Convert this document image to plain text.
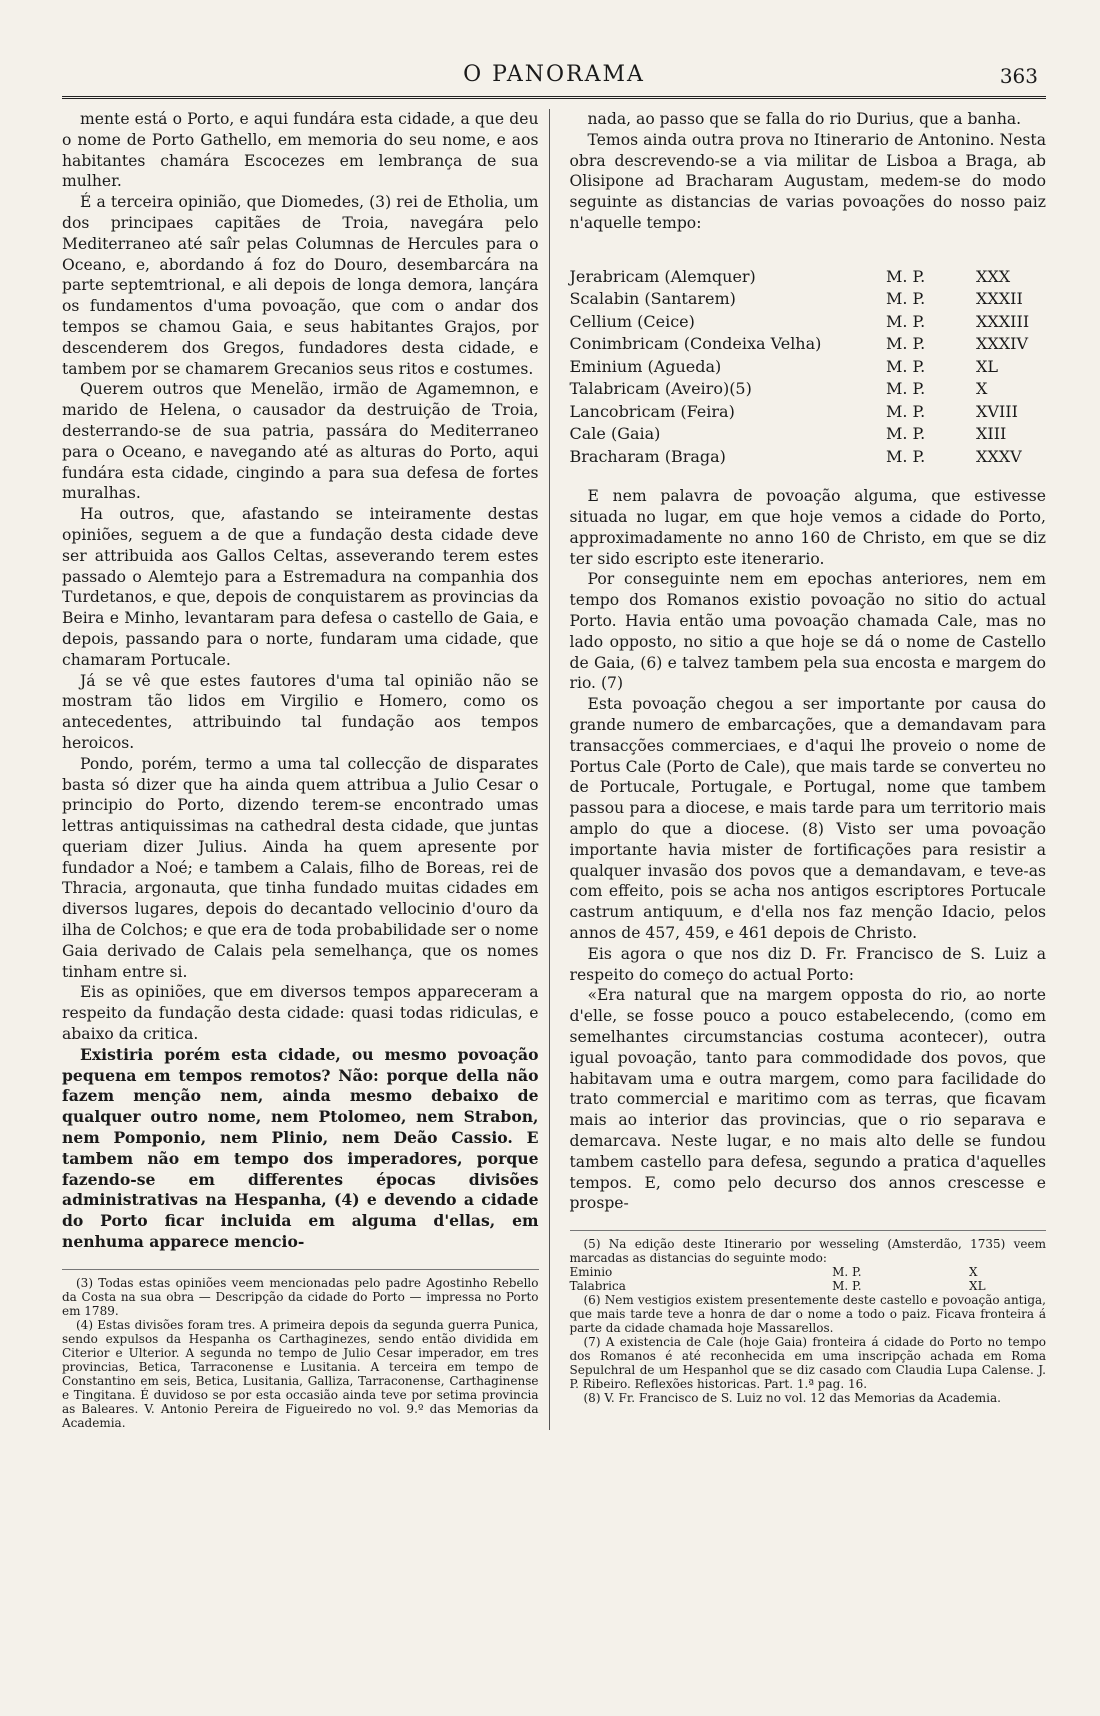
O PANORAMA	363

mente está o Porto, e aqui fundára esta cidade, a que deu o nome de Porto Gathello, em memoria do seu nome, e aos habitantes chamára Escocezes em lembrança de sua mulher.

É a terceira opinião, que Diomedes, (3) rei de Etholia, um dos principaes capitães de Troia, navegára pelo Mediterraneo até saîr pelas Columnas de Hercules para o Oceano, e, abordando á foz do Douro, desembarcára na parte septemtrional, e ali depois de longa demora, lançára os fundamentos d'uma povoação, que com o andar dos tempos se chamou Gaia, e seus habitantes Grajos, por descenderem dos Gregos, fundadores desta cidade, e tambem por se chamarem Grecanios seus ritos e costumes.

Querem outros que Menelão, irmão de Agamemnon, e marido de Helena, o causador da destruição de Troia, desterrando-se de sua patria, passára do Mediterraneo para o Oceano, e navegando até as alturas do Porto, aqui fundára esta cidade, cingindo a para sua defesa de fortes muralhas.

Ha outros, que, afastando se inteiramente destas opiniões, seguem a de que a fundação desta cidade deve ser attribuida aos Gallos Celtas, asseverando terem estes passado o Alemtejo para a Estremadura na companhia dos Turdetanos, e que, depois de conquistarem as provincias da Beira e Minho, levantaram para defesa o castello de Gaia, e depois, passando para o norte, fundaram uma cidade, que chamaram Portucale.

Já se vê que estes fautores d'uma tal opinião não se mostram tão lidos em Virgilio e Homero, como os antecedentes, attribuindo tal fundação aos tempos heroicos.

Pondo, porém, termo a uma tal collecção de disparates basta só dizer que ha ainda quem attribua a Julio Cesar o principio do Porto, dizendo terem-se encontrado umas lettras antiquissimas na cathedral desta cidade, que juntas queriam dizer Julius. Ainda ha quem apresente por fundador a Noé; e tambem a Calais, filho de Boreas, rei de Thracia, argonauta, que tinha fundado muitas cidades em diversos lugares, depois do decantado vellocinio d'ouro da ilha de Colchos; e que era de toda probabilidade ser o nome Gaia derivado de Calais pela semelhança, que os nomes tinham entre si.

Eis as opiniões, que em diversos tempos appareceram a respeito da fundação desta cidade: quasi todas ridiculas, e abaixo da critica.

Existiria porém esta cidade, ou mesmo povoação pequena em tempos remotos? Não: porque della não fazem menção nem, ainda mesmo debaixo de qualquer outro nome, nem Ptolomeo, nem Strabon, nem Pomponio, nem Plinio, nem Deão Cassio. E tambem não em tempo dos imperadores, porque fazendo-se em differentes épocas divisões administrativas na Hespanha, (4) e devendo a cidade do Porto ficar incluida em alguma d'ellas, em nenhuma apparece mencio-

(3) Todas estas opiniões veem mencionadas pelo padre Agostinho Rebello da Costa na sua obra — Descripção da cidade do Porto — impressa no Porto em 1789.

(4) Estas divisões foram tres. A primeira depois da segunda guerra Punica, sendo expulsos da Hespanha os Carthaginezes, sendo então dividida em Citerior e Ulterior. A segunda no tempo de Julio Cesar imperador, em tres provincias, Betica, Tarraconense e Lusitania. A terceira em tempo de Constantino em seis, Betica, Lusitania, Galliza, Tarraconense, Carthaginense e Tingitana. É duvidoso se por esta occasião ainda teve por setima provincia as Baleares. V. Antonio Pereira de Figueiredo no vol. 9.º das Memorias da Academia.

nada, ao passo que se falla do rio Durius, que a banha.

Temos ainda outra prova no Itinerario de Antonino. Nesta obra descrevendo-se a via militar de Lisboa a Braga, ab Olisipone ad Bracharam Augustam, medem-se do modo seguinte as distancias de varias povoações do nosso paiz n'aquelle tempo:

Jerabricam (Alemquer)	M. P.	XXX
Scalabin (Santarem)	M. P.	XXXII
Cellium (Ceice)	M. P.	XXXIII
Conimbricam (Condeixa Velha)	M. P.	XXXIV
Eminium (Agueda)	M. P.	XL
Talabricam (Aveiro)(5)	M. P.	X
Lancobricam (Feira)	M. P.	XVIII
Cale (Gaia)	M. P.	XIII
Bracharam (Braga)	M. P.	XXXV

E nem palavra de povoação alguma, que estivesse situada no lugar, em que hoje vemos a cidade do Porto, approximadamente no anno 160 de Christo, em que se diz ter sido escripto este itenerario.

Por conseguinte nem em epochas anteriores, nem em tempo dos Romanos existio povoação no sitio do actual Porto. Havia então uma povoação chamada Cale, mas no lado opposto, no sitio a que hoje se dá o nome de Castello de Gaia, (6) e talvez tambem pela sua encosta e margem do rio. (7)

Esta povoação chegou a ser importante por causa do grande numero de embarcações, que a demandavam para transacções commerciaes, e d'aqui lhe proveio o nome de Portus Cale (Porto de Cale), que mais tarde se converteu no de Portucale, Portugale, e Portugal, nome que tambem passou para a diocese, e mais tarde para um territorio mais amplo do que a diocese. (8) Visto ser uma povoação importante havia mister de fortificações para resistir a qualquer invasão dos povos que a demandavam, e teve-as com effeito, pois se acha nos antigos escriptores Portucale castrum antiquum, e d'ella nos faz menção Idacio, pelos annos de 457, 459, e 461 depois de Christo.

Eis agora o que nos diz D. Fr. Francisco de S. Luiz a respeito do começo do actual Porto:

«Era natural que na margem opposta do rio, ao norte d'elle, se fosse pouco a pouco estabelecendo, (como em semelhantes circumstancias costuma acontecer), outra igual povoação, tanto para commodidade dos povos, que habitavam uma e outra margem, como para facilidade do trato commercial e maritimo com as terras, que ficavam mais ao interior das provincias, que o rio separava e demarcava. Neste lugar, e no mais alto delle se fundou tambem castello para defesa, segundo a pratica d'aquelles tempos. E, como pelo decurso dos annos crescesse e prospe-

(5) Na edição deste Itinerario por wesseling (Amsterdão, 1735) veem marcadas as distancias do seguinte modo:

Eminio	M. P.	X
Talabrica	M. P.	XL

(6) Nem vestigios existem presentemente deste castello e povoação antiga, que mais tarde teve a honra de dar o nome a todo o paiz. Ficava fronteira á parte da cidade chamada hoje Massarellos.

(7) A existencia de Cale (hoje Gaia) fronteira á cidade do Porto no tempo dos Romanos é até reconhecida em uma inscripção achada em Roma Sepulchral de um Hespanhol que se diz casado com Claudia Lupa Calense. J. P. Ribeiro. Reflexões historicas. Part. 1.ª pag. 16.

(8) V. Fr. Francisco de S. Luiz no vol. 12 das Memorias da Academia.
